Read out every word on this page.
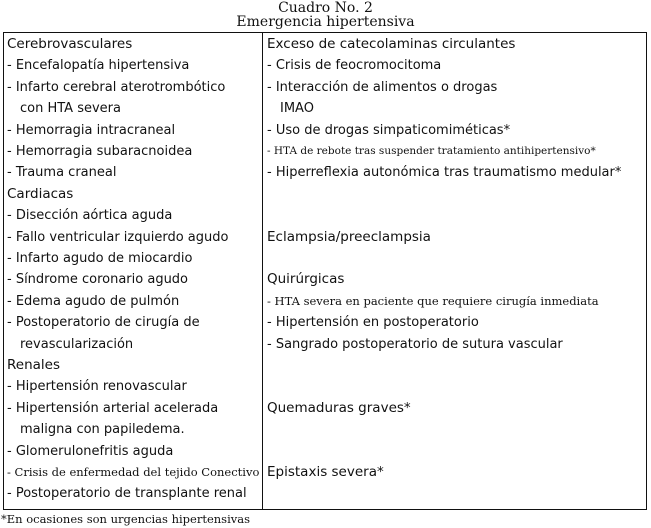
Cuadro No. 2
Emergencia hipertensiva
Cerebrovasculares
- Encefalopatía hipertensiva
- Infarto cerebral aterotrombótico
con HTA severa
- Hemorragia intracraneal
- Hemorragia subaracnoidea
- Trauma craneal
Cardiacas
- Disección aórtica aguda
- Fallo ventricular izquierdo agudo
- Infarto agudo de miocardio
- Síndrome coronario agudo
- Edema agudo de pulmón
- Postoperatorio de cirugía de
revascularización
Renales
- Hipertensión renovascular
- Hipertensión arterial acelerada
maligna con papiledema.
- Glomerulonefritis aguda
- Crisis de enfermedad del tejido Conectivo
- Postoperatorio de transplante renal
Exceso de catecolaminas circulantes
- Crisis de feocromocitoma
- Interacción de alimentos o drogas
IMAO
- Uso de drogas simpaticomiméticas*
- HTA de rebote tras suspender tratamiento antihipertensivo*
- Hiperreflexia autonómica tras traumatismo medular*
Eclampsia/preeclampsia
Quirúrgicas
- HTA severa en paciente que requiere cirugía inmediata
- Hipertensión en postoperatorio
- Sangrado postoperatorio de sutura vascular
Quemaduras graves*
Epistaxis severa*
*En ocasiones son urgencias hipertensivas
